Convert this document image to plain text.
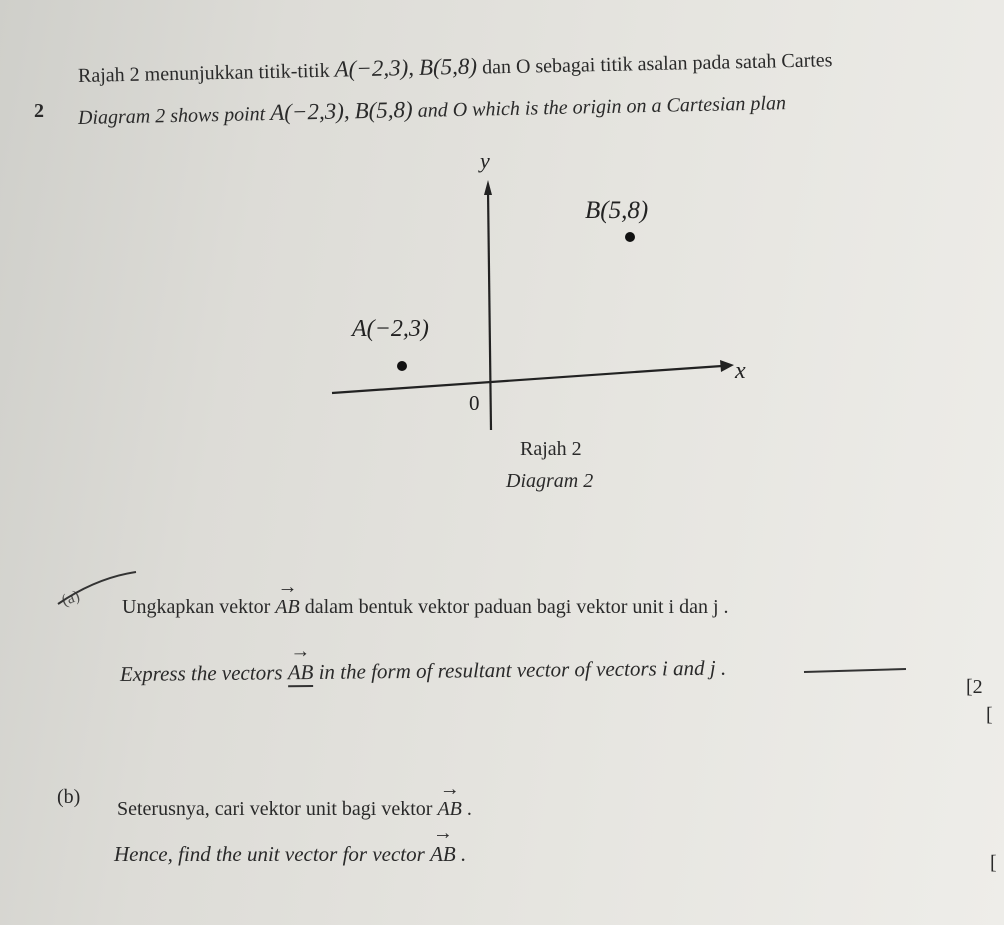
2
Rajah 2 menunjukkan titik-titik A(−2,3), B(5,8) dan O sebagai titik asalan pada satah Cartes
Diagram 2 shows point A(−2,3), B(5,8) and O which is the origin on a Cartesian plan
y
x
0
B(5,8)
A(−2,3)
Rajah 2
Diagram 2
(a) Ungkapkan vektor → AB dalam bentuk vektor paduan bagi vektor unit i dan j .
Express the vectors → AB in the form of resultant vector of vectors i and j .
[2
[
(b)
Seterusnya, cari vektor unit bagi vektor → AB .
Hence, find the unit vector for vector → AB .	[
